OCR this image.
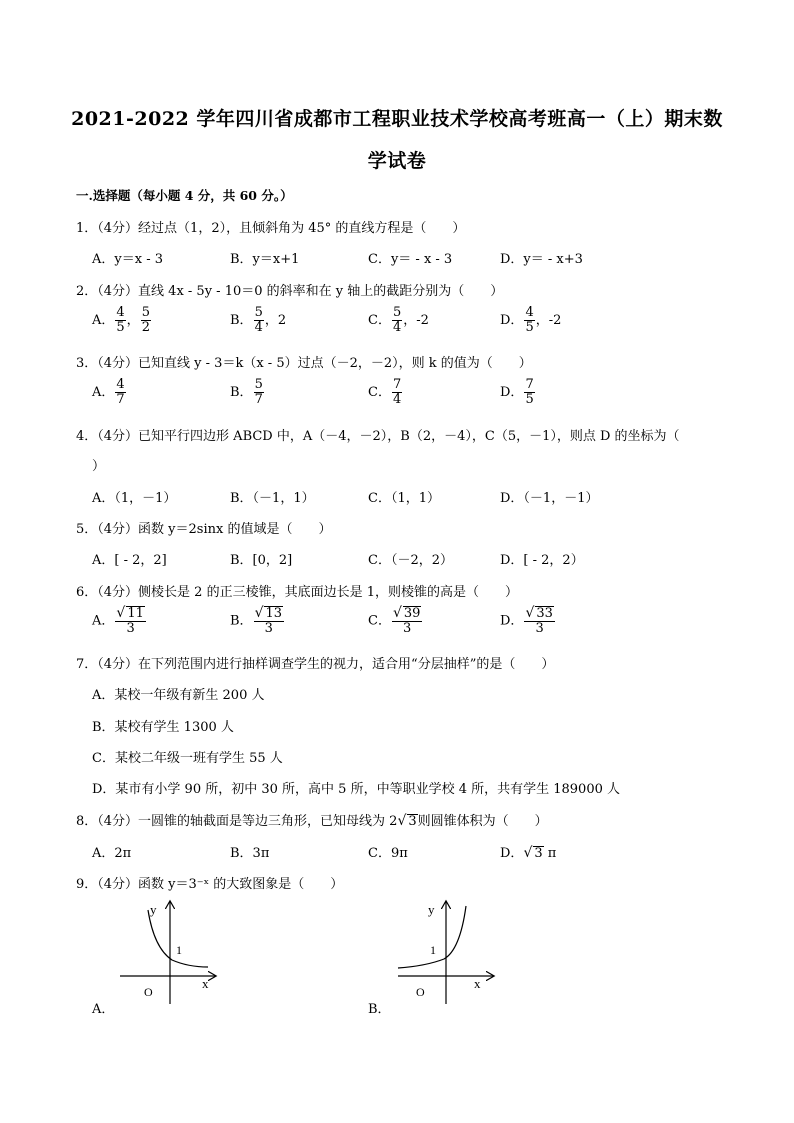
2021-2022 学年四川省成都市工程职业技术学校高考班高一（上）期末数
学试卷
一.选择题（每小题 4 分，共 60 分。）
1．（4分）经过点（1，2），且倾斜角为 45° 的直线方程是（　　）
A．y＝x - 3	B．y＝x+1	C．y＝ - x - 3	D．y＝ - x+3
2．（4分）直线 4x - 5y - 10＝0 的斜率和在 y 轴上的截距分别为（　　）
A． $\frac{4}{5}$ ， $\frac{5}{2}$	B． $\frac{5}{4}$ ，2	C． $\frac{5}{4}$ ，-2	D． $\frac{4}{5}$ ，-2
3．（4分）已知直线 y - 3＝k（x - 5）过点（－2，－2），则 k 的值为（　　）
A． $\frac{4}{7}$	B． $\frac{5}{7}$	C． $\frac{7}{4}$	D． $\frac{7}{5}$
4．（4分）已知平行四边形 ABCD 中，A（－4，－2），B（2，－4），C（5，－1），则点 D 的坐标为（
）
A．（1，－1）	B．（－1，1）	C．（1，1）	D．（－1，－1）
5．（4分）函数 y＝2sinx 的值域是（　　）
A．[ - 2，2]	B．[0，2]	C．（－2，2）	D．[ - 2，2）
6．（4分）侧棱长是 2 的正三棱锥，其底面边长是 1，则棱锥的高是（　　）
A． $\frac{√ 11}{3}$	B． $\frac{√ 13}{3}$	C． $\frac{√ 39}{3}$	D． $\frac{√ 33}{3}$
7．（4分）在下列范围内进行抽样调查学生的视力，适合用“分层抽样”的是（　　）
A．某校一年级有新生 200 人
B．某校有学生 1300 人
C．某校二年级一班有学生 55 人
D．某市有小学 90 所，初中 30 所，高中 5 所，中等职业学校 4 所，共有学生 189000 人
8．（4分）一圆锥的轴截面是等边三角形，已知母线为 2√ 3则圆锥体积为（　　）
A．2π	B．3π	C．9π	D．√ 3 π
9．（4分）函数 y＝3⁻ˣ 的大致图象是（　　）
y
x
O
1
A．
y
x
O
1
B．
